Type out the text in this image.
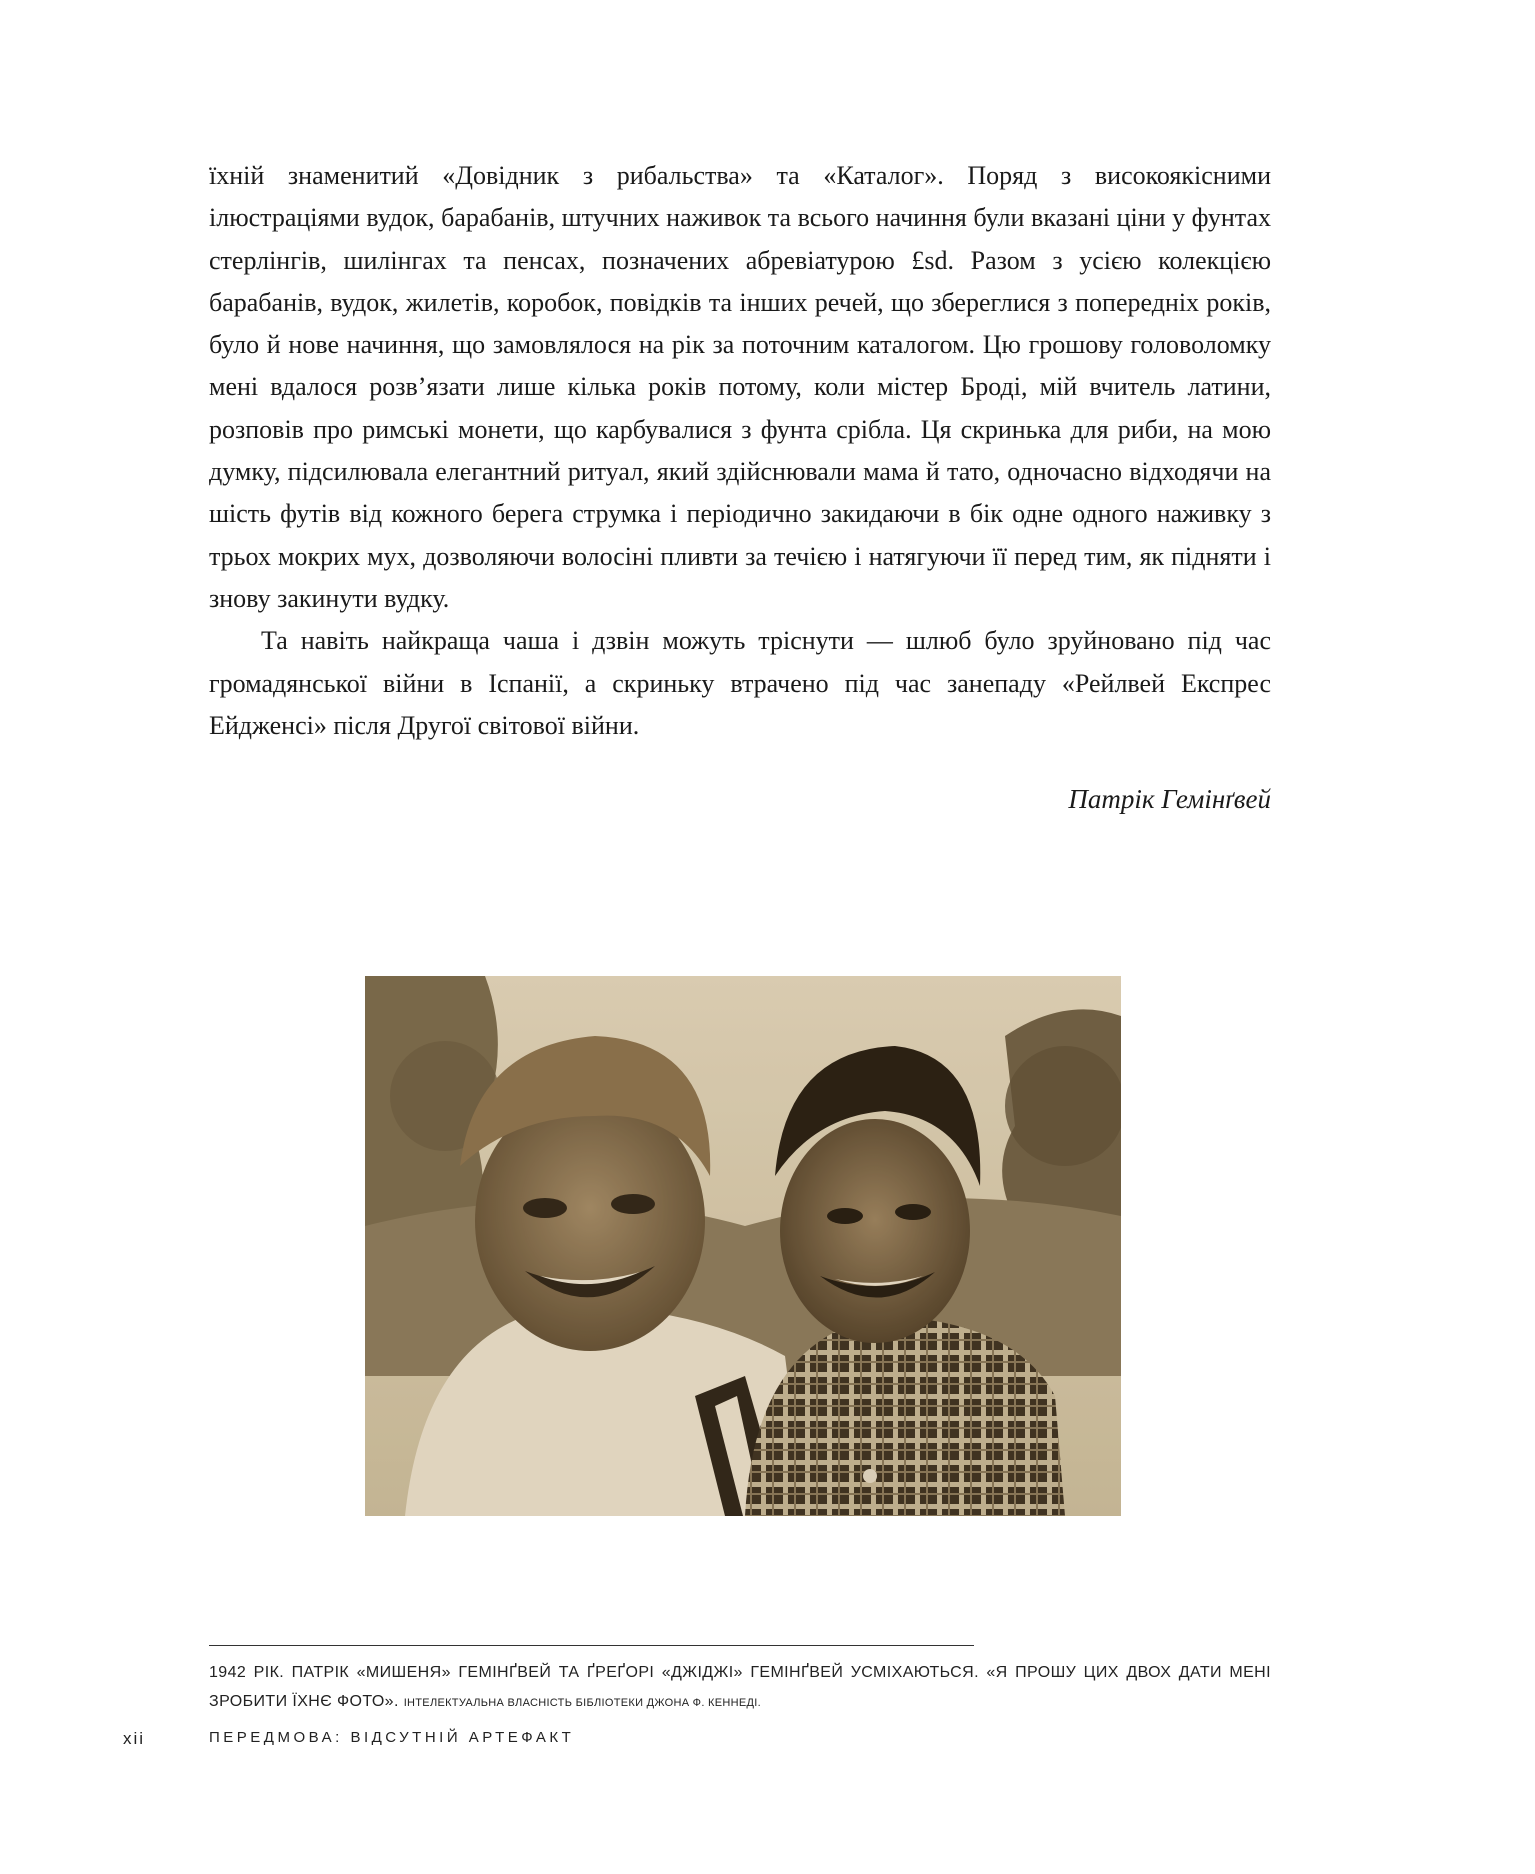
їхній знаменитий «Довідник з рибальства» та «Каталог». Поряд з високоякісними ілюстраціями вудок, барабанів, штучних наживок та всього начиння були вказані ціни у фунтах стерлінгів, шилінгах та пенсах, позначених абревіатурою £sd. Разом з усією колекцією барабанів, вудок, жилетів, коробок, повідків та інших речей, що збереглися з попередніх років, було й нове начиння, що замовлялося на рік за поточним каталогом. Цю грошову головоломку мені вдалося розв’язати лише кілька років потому, коли містер Броді, мій вчитель латини, розповів про римські монети, що карбувалися з фунта срібла. Ця скринька для риби, на мою думку, підсилювала елегантний ритуал, який здійснювали мама й тато, одночасно відходячи на шість футів від кожного берега струмка і періодично закидаючи в бік одне одного наживку з трьох мокрих мух, дозволяючи волосіні пливти за течією і натягуючи її перед тим, як підняти і знову закинути вудку.

Та навіть найкраща чаша і дзвін можуть тріснути — шлюб було зруйновано під час громадянської війни в Іспанії, а скриньку втрачено під час занепаду «Рейлвей Експрес Ейдженсі» після Другої світової війни.

Патрік Гемінґвей
1942 РІК. ПАТРІК «МИШЕНЯ» ГЕМІНҐВЕЙ ТА ҐРЕҐОРІ «ДЖІДЖІ» ГЕМІНҐВЕЙ УСМІХАЮТЬСЯ. «Я ПРОШУ ЦИХ ДВОХ ДАТИ МЕНІ ЗРОБИТИ ЇХНЄ ФОТО». ІНТЕЛЕКТУАЛЬНА ВЛАСНІСТЬ БІБЛІОТЕКИ ДЖОНА Ф. КЕННЕДІ.
xii	ПЕРЕДМОВА: ВІДСУТНІЙ АРТЕФАКТ
